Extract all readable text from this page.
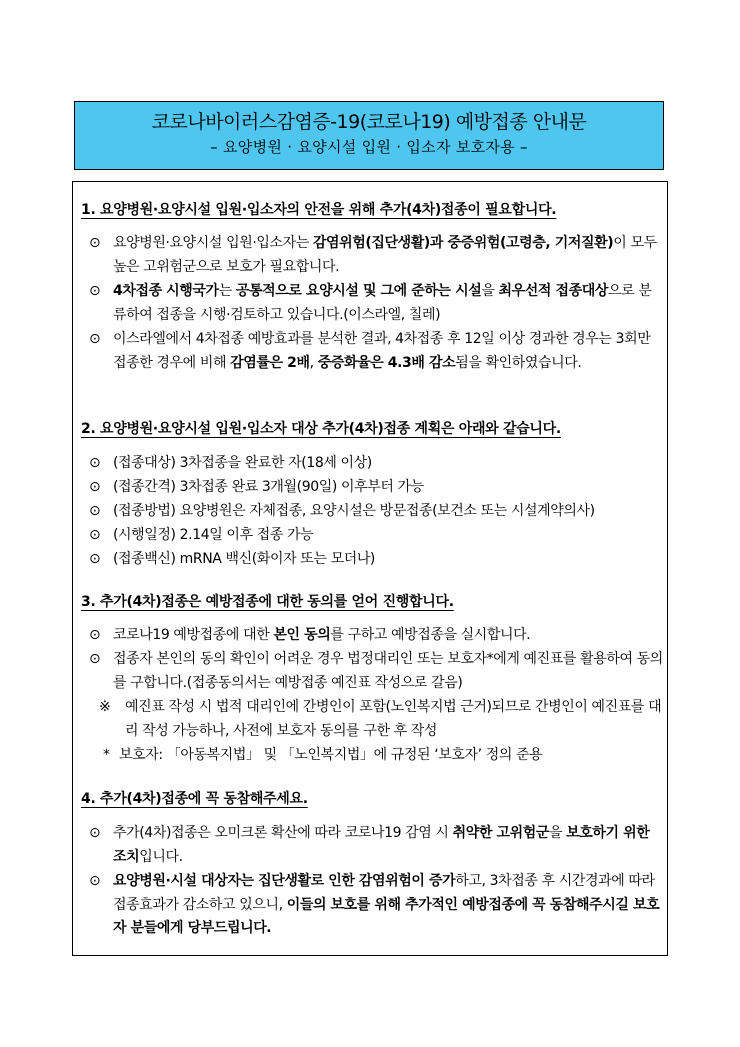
코로나바이러스감염증-19(코로나19) 예방접종 안내문
– 요양병원 · 요양시설 입원 · 입소자 보호자용 –
1. 요양병원·요양시설 입원·입소자의 안전을 위해 추가(4차)접종이 필요합니다.
⊙ 요양병원·요양시설 입원·입소자는 감염위험(집단생활)과 중증위험(고령층, 기저질환)이 모두 높은 고위험군으로 보호가 필요합니다.
⊙ 4차접종 시행국가는 공통적으로 요양시설 및 그에 준하는 시설을 최우선적 접종대상으로 분류하여 접종을 시행·검토하고 있습니다.(이스라엘, 칠레)
⊙ 이스라엘에서 4차접종 예방효과를 분석한 결과, 4차접종 후 12일 이상 경과한 경우는 3회만 접종한 경우에 비해 감염률은 2배, 중증화율은 4.3배 감소됨을 확인하였습니다.
2. 요양병원·요양시설 입원·입소자 대상 추가(4차)접종 계획은 아래와 같습니다.
⊙ (접종대상) 3차접종을 완료한 자(18세 이상)
⊙ (접종간격) 3차접종 완료 3개월(90일) 이후부터 가능
⊙ (접종방법) 요양병원은 자체접종, 요양시설은 방문접종(보건소 또는 시설계약의사)
⊙ (시행일정) 2.14일 이후 접종 가능
⊙ (접종백신) mRNA 백신(화이자 또는 모더나)
3. 추가(4차)접종은 예방접종에 대한 동의를 얻어 진행합니다.
⊙ 코로나19 예방접종에 대한 본인 동의를 구하고 예방접종을 실시합니다.
⊙ 접종자 본인의 동의 확인이 어려운 경우 법정대리인 또는 보호자*에게 예진표를 활용하여 동의를 구합니다.(접종동의서는 예방접종 예진표 작성으로 갈음)
※	예진표 작성 시 법적 대리인에 간병인이 포함(노인복지법 근거)되므로 간병인이 예진표를 대리 작성 가능하나, 사전에 보호자 동의를 구한 후 작성
* 보호자: 「아동복지법」 및 「노인복지법」에 규정된 ‘보호자’ 정의 준용
4. 추가(4차)접종에 꼭 동참해주세요.
⊙ 추가(4차)접종은 오미크론 확산에 따라 코로나19 감염 시 취약한 고위험군을 보호하기 위한 조치입니다.
⊙ 요양병원·시설 대상자는 집단생활로 인한 감염위험이 증가하고, 3차접종 후 시간경과에 따라 접종효과가 감소하고 있으니, 이들의 보호를 위해 추가적인 예방접종에 꼭 동참해주시길 보호자 분들에게 당부드립니다.
